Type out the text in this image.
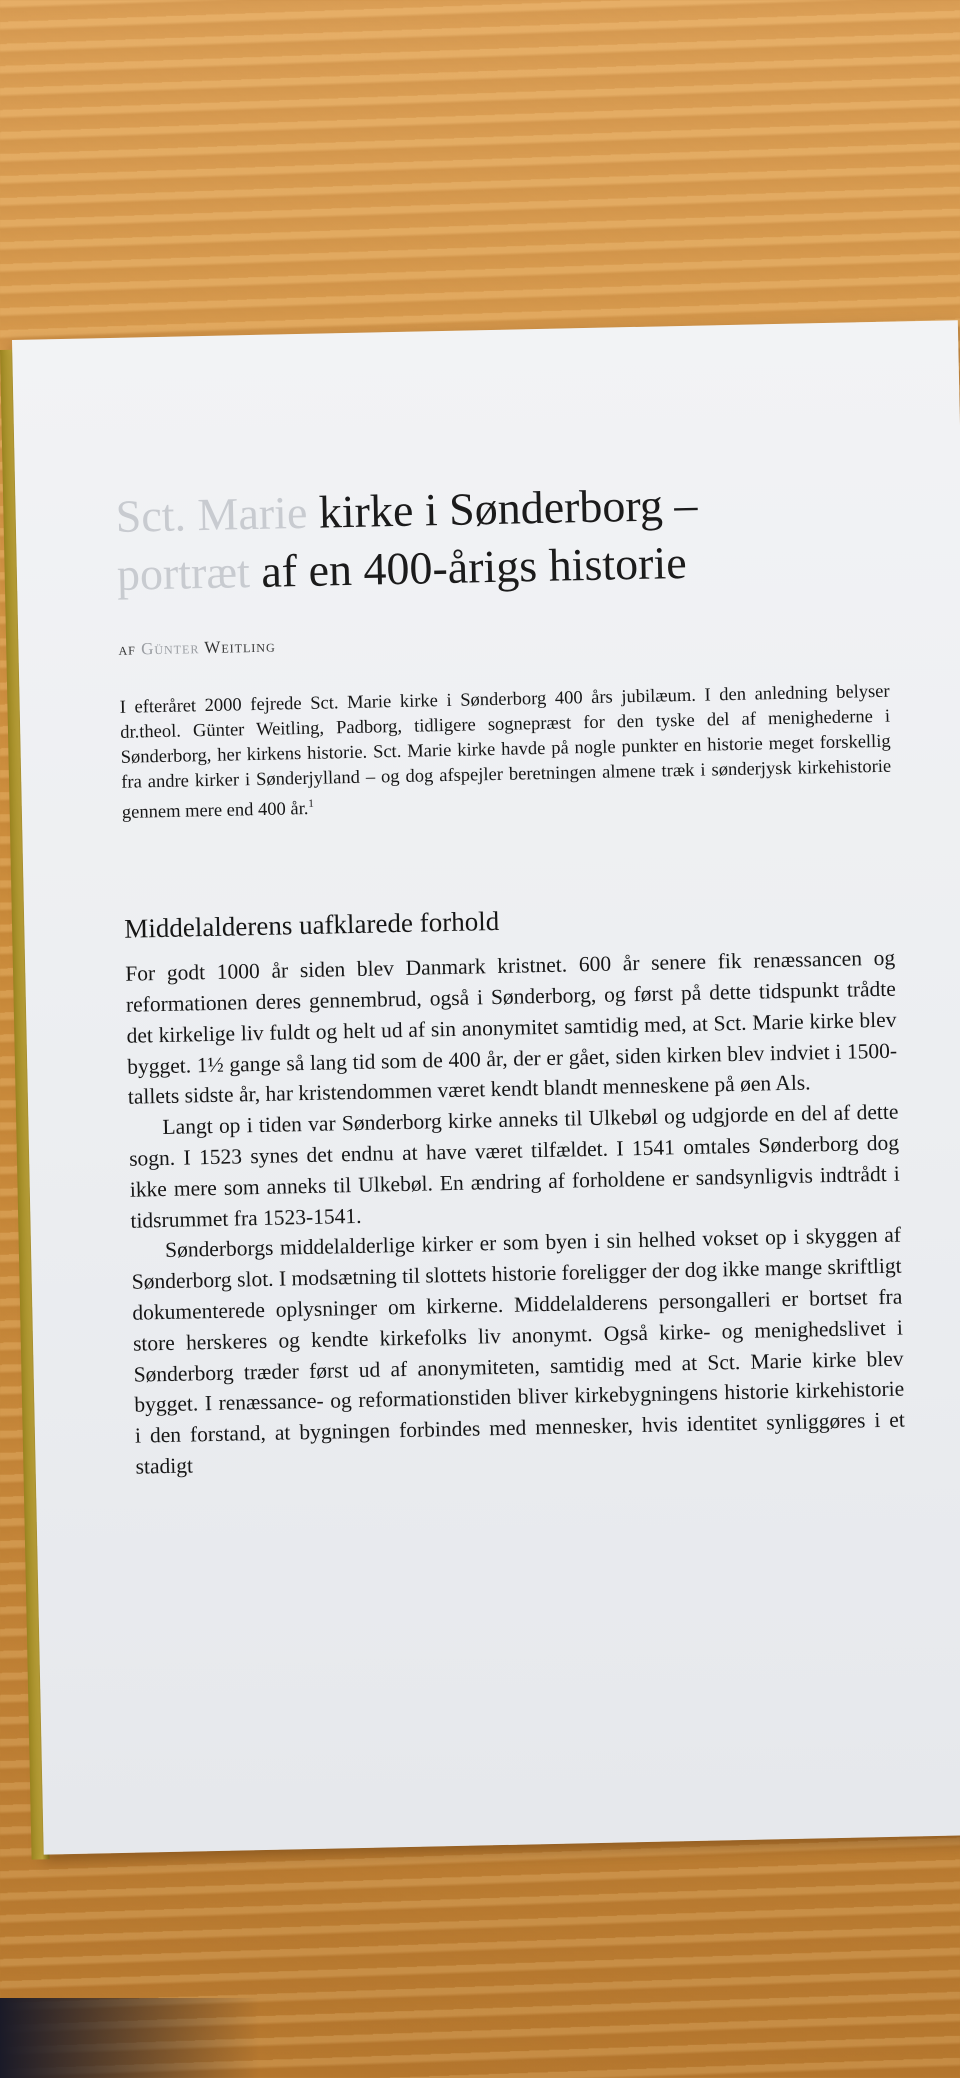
Sct. Marie kirke i Sønderborg –
portræt af en 400-årigs historie
af Günter Weitling

I efteråret 2000 fejrede Sct. Marie kirke i Sønderborg 400 års jubilæum. I den anledning belyser dr.theol. Günter Weitling, Padborg, tidligere sognepræst for den tyske del af menighederne i Sønderborg, her kirkens historie. Sct. Marie kirke havde på nogle punkter en historie meget forskellig fra andre kirker i Sønderjylland – og dog afspejler beretningen almene træk i sønderjysk kirkehistorie gennem mere end 400 år.$^1$

Middelalderens uafklarede forhold

For godt 1000 år siden blev Danmark kristnet. 600 år senere fik renæssancen og reformationen deres gennembrud, også i Sønderborg, og først på dette tidspunkt trådte det kirkelige liv fuldt og helt ud af sin anonymitet samtidig med, at Sct. Marie kirke blev bygget. 1½ gange så lang tid som de 400 år, der er gået, siden kirken blev indviet i 1500-tallets sidste år, har kristendommen været kendt blandt menneskene på øen Als.

Langt op i tiden var Sønderborg kirke anneks til Ulkebøl og udgjorde en del af dette sogn. I 1523 synes det endnu at have været tilfældet. I 1541 omtales Sønderborg dog ikke mere som anneks til Ulkebøl. En ændring af forholdene er sandsynligvis indtrådt i tidsrummet fra 1523-1541.

Sønderborgs middelalderlige kirker er som byen i sin helhed vokset op i skyggen af Sønderborg slot. I modsætning til slottets historie foreligger der dog ikke mange skriftligt dokumenterede oplysninger om kirkerne. Middelalderens persongalleri er bortset fra store herskeres og kendte kirkefolks liv anonymt. Også kirke- og menighedslivet i Sønderborg træder først ud af anonymiteten, samtidig med at Sct. Marie kirke blev bygget. I renæssance- og reformationstiden bliver kirkebygningens historie kirkehistorie i den forstand, at bygningen forbindes med mennesker, hvis identitet synliggøres i et stadigt
